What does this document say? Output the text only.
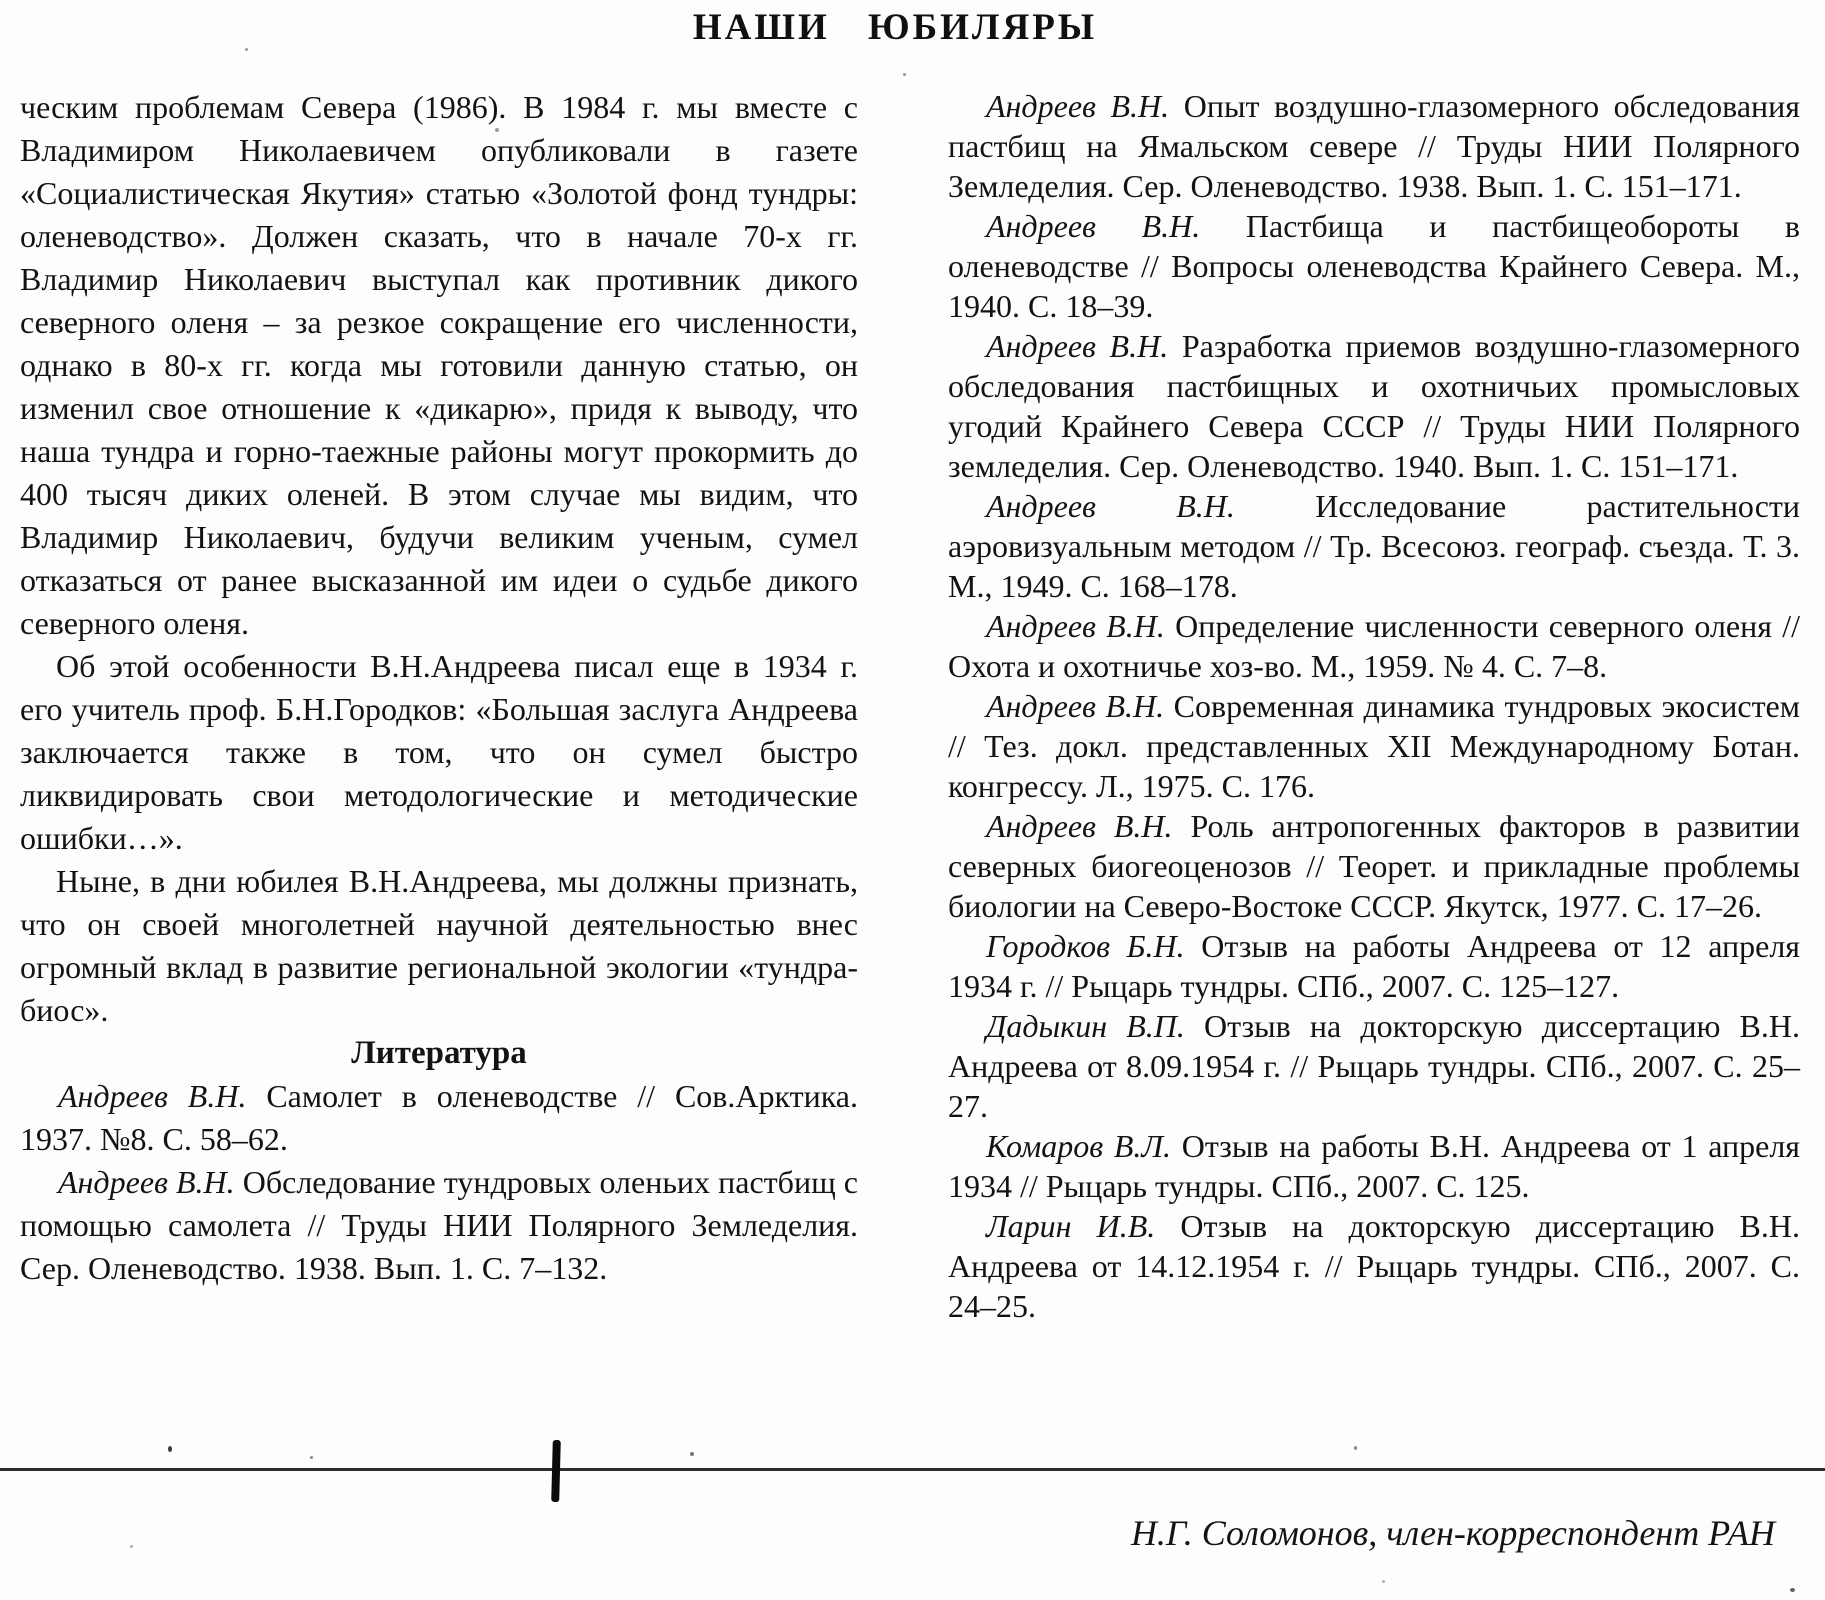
НАШИ ЮБИЛЯРЫ

ческим проблемам Севера (1986). В 1984 г. мы вместе с Владимиром Николаевичем опубликовали в газете «Социалистическая Якутия» статью «Золотой фонд тундры: оленеводство». Должен сказать, что в начале 70-х гг. Владимир Николаевич выступал как противник дикого северного оленя – за резкое сокращение его численности, однако в 80-х гг. когда мы готовили данную статью, он изменил свое отношение к «дикарю», придя к выводу, что наша тундра и горно-таежные районы могут прокормить до 400 тысяч диких оленей. В этом случае мы видим, что Владимир Николаевич, будучи великим ученым, сумел отказаться от ранее высказанной им идеи о судьбе дикого северного оленя.

Об этой особенности В.Н.Андреева писал еще в 1934 г. его учитель проф. Б.Н.Городков: «Большая заслуга Андреева заключается также в том, что он сумел быстро ликвидировать свои методологические и методические ошибки…».

Ныне, в дни юбилея В.Н.Андреева, мы должны признать, что он своей многолетней научной деятельностью внес огромный вклад в развитие региональной экологии «тундра-биос».

Литература

Андреев В.Н. Самолет в оленеводстве // Сов.Арктика. 1937. №8. С. 58–62.

Андреев В.Н. Обследование тундровых оленьих пастбищ с помощью самолета // Труды НИИ Полярного Земледелия. Сер. Оленеводство. 1938. Вып. 1. С. 7–132.

Андреев В.Н. Опыт воздушно-глазомерного обследования пастбищ на Ямальском севере // Труды НИИ Полярного Земледелия. Сер. Оленеводство. 1938. Вып. 1. С. 151–171.

Андреев В.Н. Пастбища и пастбищеобороты в оленеводстве // Вопросы оленеводства Крайнего Севера. М., 1940. С. 18–39.

Андреев В.Н. Разработка приемов воздушно-глазомерного обследования пастбищных и охотничьих промысловых угодий Крайнего Севера СССР // Труды НИИ Полярного земледелия. Сер. Оленеводство. 1940. Вып. 1. С. 151–171.

Андреев В.Н. Исследование растительности аэровизуальным методом // Тр. Всесоюз. географ. съезда. Т. 3. М., 1949. С. 168–178.

Андреев В.Н. Определение численности северного оленя // Охота и охотничье хоз-во. М., 1959. № 4. С. 7–8.

Андреев В.Н. Современная динамика тундровых экосистем // Тез. докл. представленных XII Международному Ботан. конгрессу. Л., 1975. С. 176.

Андреев В.Н. Роль антропогенных факторов в развитии северных биогеоценозов // Теорет. и прикладные проблемы биологии на Северо-Востоке СССР. Якутск, 1977. С. 17–26.

Городков Б.Н. Отзыв на работы Андреева от 12 апреля 1934 г. // Рыцарь тундры. СПб., 2007. С. 125–127.

Дадыкин В.П. Отзыв на докторскую диссертацию В.Н. Андреева от 8.09.1954 г. // Рыцарь тундры. СПб., 2007. С. 25–27.

Комаров В.Л. Отзыв на работы В.Н. Андреева от 1 апреля 1934 // Рыцарь тундры. СПб., 2007. С. 125.

Ларин И.В. Отзыв на докторскую диссертацию В.Н. Андреева от 14.12.1954 г. // Рыцарь тундры. СПб., 2007. С. 24–25.

Н.Г. Соломонов, член-корреспондент РАН
